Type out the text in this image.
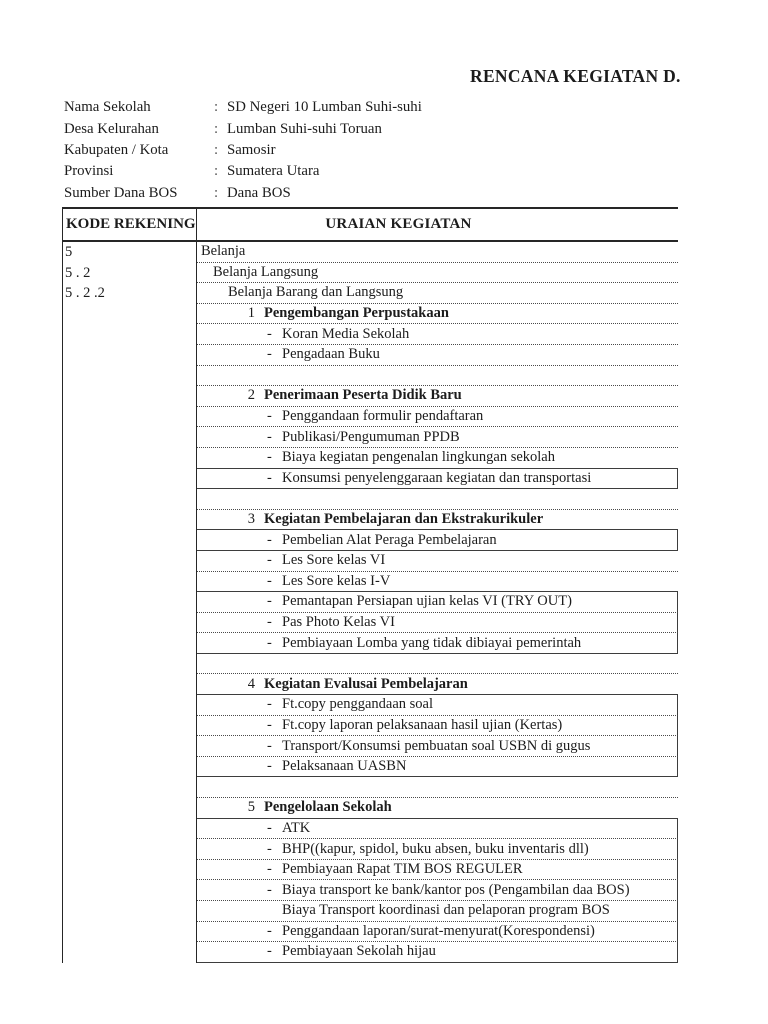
RENCANA KEGIATAN D.
Nama Sekolah	: SD Negeri 10 Lumban Suhi-suhi
Desa Kelurahan	: Lumban Suhi-suhi Toruan
Kabupaten / Kota	: Samosir
Provinsi	: Sumatera Utara
Sumber Dana BOS	: Dana BOS
KODE REKENING	URAIAN KEGIATAN
5	Belanja
5 . 2	Belanja Langsung
5 . 2 .2	Belanja Barang dan Langsung
1 Pengembangan Perpustakaan
- Koran Media Sekolah
- Pengadaan Buku
2 Penerimaan Peserta Didik Baru
- Penggandaan formulir pendaftaran
- Publikasi/Pengumuman PPDB
- Biaya kegiatan pengenalan lingkungan sekolah
- Konsumsi penyelenggaraan kegiatan dan transportasi
3 Kegiatan Pembelajaran dan Ekstrakurikuler
- Pembelian Alat Peraga Pembelajaran
- Les Sore kelas VI
- Les Sore kelas I-V
- Pemantapan Persiapan ujian kelas VI (TRY OUT)
- Pas Photo Kelas VI
- Pembiayaan Lomba yang tidak dibiayai pemerintah
4 Kegiatan Evalusai Pembelajaran
- Ft.copy penggandaan soal
- Ft.copy laporan pelaksanaan hasil ujian (Kertas)
- Transport/Konsumsi pembuatan soal USBN di gugus
- Pelaksanaan UASBN
5 Pengelolaan Sekolah
- ATK
- BHP((kapur, spidol, buku absen, buku inventaris dll)
- Pembiayaan Rapat TIM BOS REGULER
- Biaya transport ke bank/kantor pos (Pengambilan daa BOS)
Biaya Transport koordinasi dan pelaporan program BOS
- Penggandaan laporan/surat-menyurat(Korespondensi)
- Pembiayaan Sekolah hijau
